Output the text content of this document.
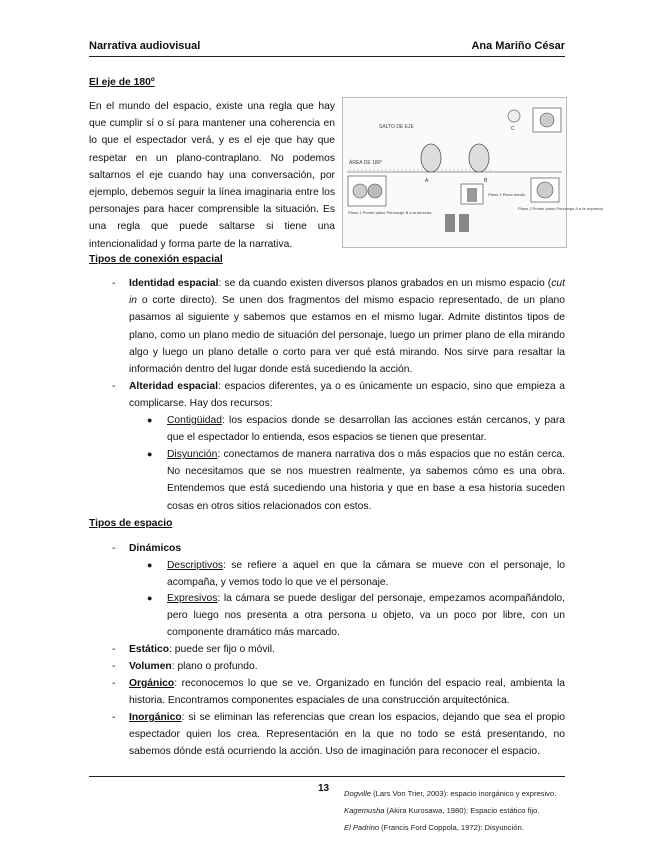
Narrativa audiovisual	Ana Mariño César
El eje de 180º

En el mundo del espacio, existe una regla que hay que cumplir sí o sí para mantener una coherencia en lo que el espectador verá, y es el eje que hay que respetar en un plano-contraplano. No podemos saltarnos el eje cuando hay una conversación, por ejemplo, debemos seguir la línea imaginaria entre los personajes para hacer comprensible la situación. Es una regla que puede saltarse si tiene una intencionalidad y forma parte de la narrativa.

SALTO DE EJE
ÁREA DE 180°
Plano 1 Primer plano Personaje B a la derecha
Plano 1 Plano medio
Plano 2 Primer plano Personaje A a la izquierda
A	B
C
Tipos de conexión espacial
- Identidad espacial: se da cuando existen diversos planos grabados en un mismo espacio (cut in o corte directo). Se unen dos fragmentos del mismo espacio representado, de un plano pasamos al siguiente y sabemos que estamos en el mismo lugar. Admite distintos tipos de plano, como un plano medio de situación del personaje, luego un primer plano de ella mirando algo y luego un plano detalle o corto para ver qué está mirando. Nos sirve para resaltar la información dentro del lugar donde está sucediendo la acción.

- Alteridad espacial: espacios diferentes, ya o es únicamente un espacio, sino que empieza a complicarse. Hay dos recursos:

● Contigüidad: los espacios donde se desarrollan las acciones están cercanos, y para que el espectador lo entienda, esos espacios se tienen que presentar.

● Disyunción: conectamos de manera narrativa dos o más espacios que no están cerca. No necesitamos que se nos muestren realmente, ya sabemos cómo es una obra. Entendemos que está sucediendo una historia y que en base a esa historia suceden cosas en otros sitios relacionados con estos.

Tipos de espacio
- Dinámicos

● Descriptivos: se refiere a aquel en que la cámara se mueve con el personaje, lo acompaña, y vemos todo lo que ve el personaje.

● Expresivos: la cámara se puede desligar del personaje, empezamos acompañándolo, pero luego nos presenta a otra persona u objeto, va un poco por libre, con un componente dramático más marcado.

- Estático: puede ser fijo o móvil.

- Volumen: plano o profundo.

- Orgánico: reconocemos lo que se ve. Organizado en función del espacio real, ambienta la historia. Encontramos componentes espaciales de una construcción arquitectónica.

- Inorgánico: si se eliminan las referencias que crean los espacios, dejando que sea el propio espectador quien los crea. Representación en la que no todo se está presentando, no sabemos dónde está ocurriendo la acción. Uso de imaginación para reconocer el espacio.

13 Dogville (Lars Von Trier, 2003): espacio inorgánico y expresivo.
Kagemusha (Akira Kurosawa, 1980): Espacio estático fijo.
El Padrino (Francis Ford Coppola, 1972): Disyunción.
